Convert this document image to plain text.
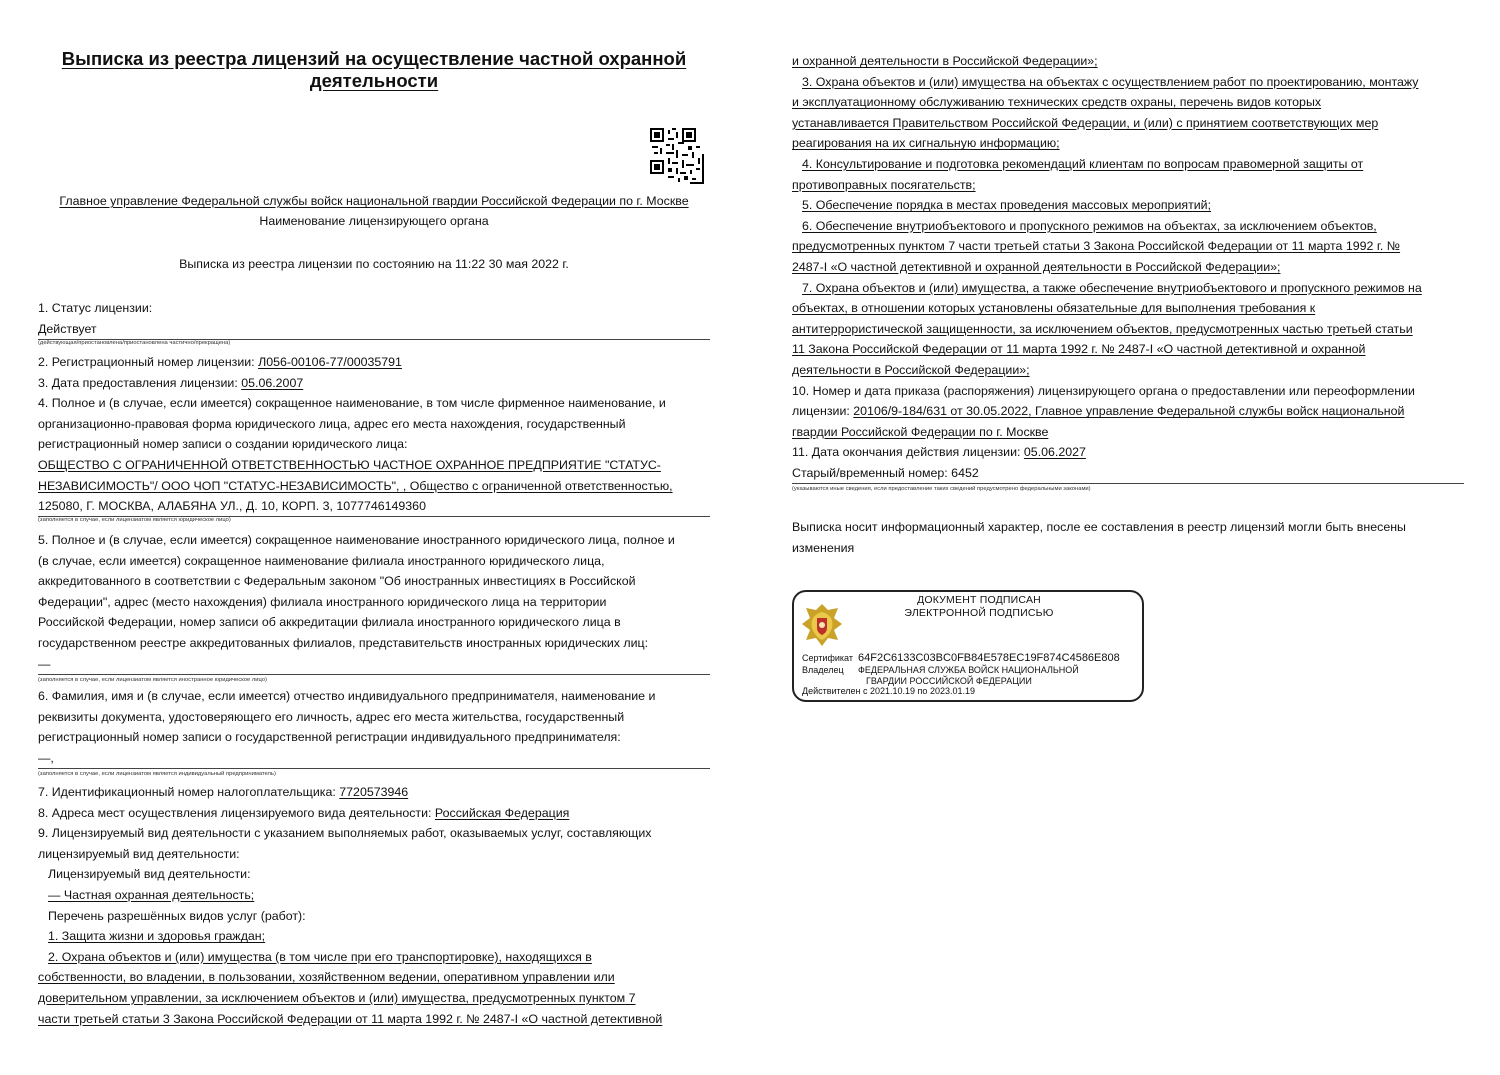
Выписка из реестра лицензий на осуществление частной охранной
деятельности
Главное управление Федеральной службы войск национальной гвардии Российской Федерации по г. Москве
Наименование лицензирующего органа
Выписка из реестра лицензии по состоянию на 11:22 30 мая 2022 г.
1. Статус лицензии:
Действует
(действующая/приостановлена/приостановлена частично/прекращена)
2. Регистрационный номер лицензии: Л056-00106-77/00035791
3. Дата предоставления лицензии: 05.06.2007
4. Полное и (в случае, если имеется) сокращенное наименование, в том числе фирменное наименование, и
организационно-правовая форма юридического лица, адрес его места нахождения, государственный
регистрационный номер записи о создании юридического лица:
ОБЩЕСТВО С ОГРАНИЧЕННОЙ ОТВЕТСТВЕННОСТЬЮ ЧАСТНОЕ ОХРАННОЕ ПРЕДПРИЯТИЕ "СТАТУС-
НЕЗАВИСИМОСТЬ"/ ООО ЧОП "СТАТУС-НЕЗАВИСИМОСТЬ", , Общество с ограниченной ответственностью,
125080, Г. МОСКВА, АЛАБЯНА УЛ., Д. 10, КОРП. 3, 1077746149360
(заполняется в случае, если лицензиатом является юридическое лицо)
5. Полное и (в случае, если имеется) сокращенное наименование иностранного юридического лица, полное и
(в случае, если имеется) сокращенное наименование филиала иностранного юридического лица,
аккредитованного в соответствии с Федеральным законом "Об иностранных инвестициях в Российской
Федерации", адрес (место нахождения) филиала иностранного юридического лица на территории
Российской Федерации, номер записи об аккредитации филиала иностранного юридического лица в
государственном реестре аккредитованных филиалов, представительств иностранных юридических лиц:
—
(заполняется в случае, если лицензиатом является иностранное юридическое лицо)
6. Фамилия, имя и (в случае, если имеется) отчество индивидуального предпринимателя, наименование и
реквизиты документа, удостоверяющего его личность, адрес его места жительства, государственный
регистрационный номер записи о государственной регистрации индивидуального предпринимателя:
—,
(заполняется в случае, если лицензиатом является индивидуальный предприниматель)
7. Идентификационный номер налогоплательщика: 7720573946
8. Адреса мест осуществления лицензируемого вида деятельности: Российская Федерация
9. Лицензируемый вид деятельности с указанием выполняемых работ, оказываемых услуг, составляющих
лицензируемый вид деятельности:
Лицензируемый вид деятельности:
— Частная охранная деятельность;
Перечень разрешённых видов услуг (работ):
1. Защита жизни и здоровья граждан;
2. Охрана объектов и (или) имущества (в том числе при его транспортировке), находящихся в
собственности, во владении, в пользовании, хозяйственном ведении, оперативном управлении или
доверительном управлении, за исключением объектов и (или) имущества, предусмотренных пунктом 7
части третьей статьи 3 Закона Российской Федерации от 11 марта 1992 г. № 2487-I «О частной детективной
и охранной деятельности в Российской Федерации»;
3. Охрана объектов и (или) имущества на объектах с осуществлением работ по проектированию, монтажу
и эксплуатационному обслуживанию технических средств охраны, перечень видов которых
устанавливается Правительством Российской Федерации, и (или) с принятием соответствующих мер
реагирования на их сигнальную информацию;
4. Консультирование и подготовка рекомендаций клиентам по вопросам правомерной защиты от
противоправных посягательств;
5. Обеспечение порядка в местах проведения массовых мероприятий;
6. Обеспечение внутриобъектового и пропускного режимов на объектах, за исключением объектов,
предусмотренных пунктом 7 части третьей статьи 3 Закона Российской Федерации от 11 марта 1992 г. №
2487-I «О частной детективной и охранной деятельности в Российской Федерации»;
7. Охрана объектов и (или) имущества, а также обеспечение внутриобъектового и пропускного режимов на
объектах, в отношении которых установлены обязательные для выполнения требования к
антитеррористической защищенности, за исключением объектов, предусмотренных частью третьей статьи
11 Закона Российской Федерации от 11 марта 1992 г. № 2487-I «О частной детективной и охранной
деятельности в Российской Федерации»;
10. Номер и дата приказа (распоряжения) лицензирующего органа о предоставлении или переоформлении
лицензии: 20106/9-184/631 от 30.05.2022, Главное управление Федеральной службы войск национальной
гвардии Российской Федерации по г. Москве
11. Дата окончания действия лицензии: 05.06.2027
Старый/временный номер: 6452
(указываются иные сведения, если предоставление таких сведений предусмотрено федеральными законами)
Выписка носит информационный характер, после ее составления в реестр лицензий могли быть внесены
изменения
ДОКУМЕНТ ПОДПИСАН
ЭЛЕКТРОННОЙ ПОДПИСЬЮ
Сертификат 64F2C6133C03BC0FB84E578EC19F874C4586E808
Владелец ФЕДЕРАЛЬНАЯ СЛУЖБА ВОЙСК НАЦИОНАЛЬНОЙ
ГВАРДИИ РОССИЙСКОЙ ФЕДЕРАЦИИ
Действителен с 2021.10.19 по 2023.01.19
